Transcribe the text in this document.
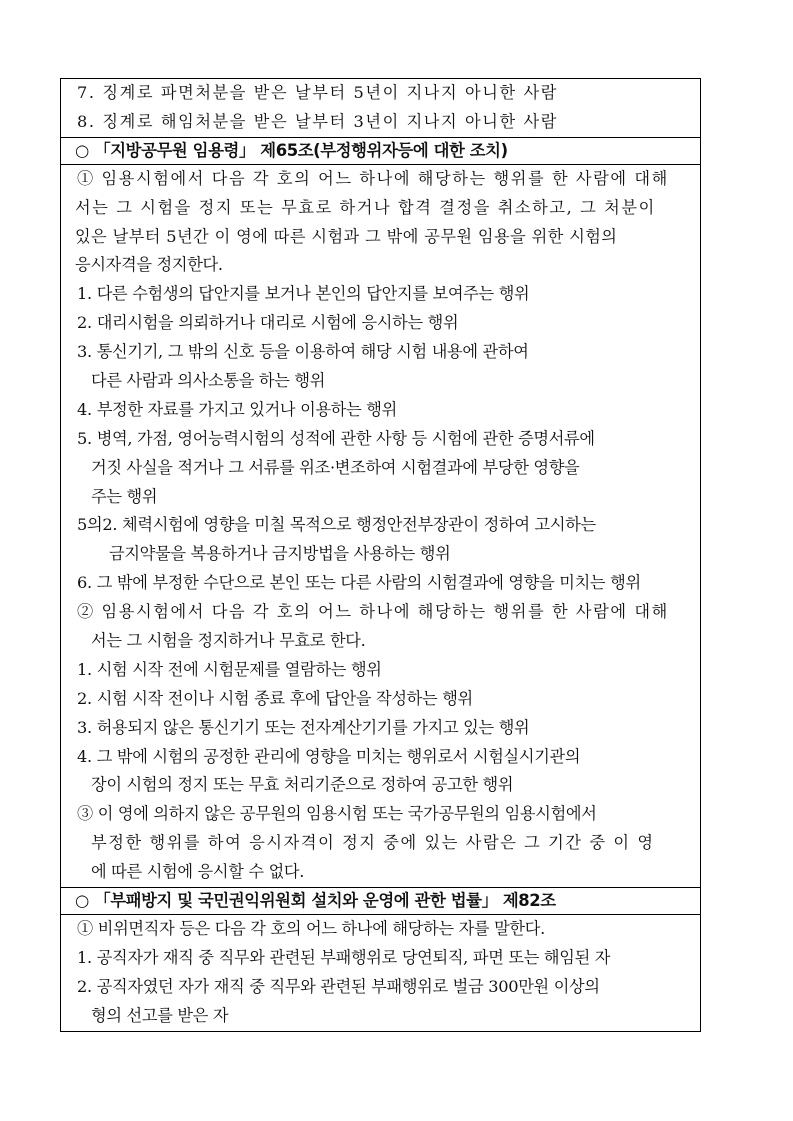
7. 징계로 파면처분을 받은 날부터 5년이 지나지 아니한 사람
8. 징계로 해임처분을 받은 날부터 3년이 지나지 아니한 사람
○ 「지방공무원 임용령」 제65조(부정행위자등에 대한 조치)
① 임용시험에서 다음 각 호의 어느 하나에 해당하는 행위를 한 사람에 대해
서는 그 시험을 정지 또는 무효로 하거나 합격 결정을 취소하고, 그 처분이
있은 날부터 5년간 이 영에 따른 시험과 그 밖에 공무원 임용을 위한 시험의
응시자격을 정지한다.
1. 다른 수험생의 답안지를 보거나 본인의 답안지를 보여주는 행위
2. 대리시험을 의뢰하거나 대리로 시험에 응시하는 행위
3. 통신기기, 그 밖의 신호 등을 이용하여 해당 시험 내용에 관하여
다른 사람과 의사소통을 하는 행위
4. 부정한 자료를 가지고 있거나 이용하는 행위
5. 병역, 가점, 영어능력시험의 성적에 관한 사항 등 시험에 관한 증명서류에
거짓 사실을 적거나 그 서류를 위조·변조하여 시험결과에 부당한 영향을
주는 행위
5의2. 체력시험에 영향을 미칠 목적으로 행정안전부장관이 정하여 고시하는
금지약물을 복용하거나 금지방법을 사용하는 행위
6. 그 밖에 부정한 수단으로 본인 또는 다른 사람의 시험결과에 영향을 미치는 행위
② 임용시험에서 다음 각 호의 어느 하나에 해당하는 행위를 한 사람에 대해
서는 그 시험을 정지하거나 무효로 한다.
1. 시험 시작 전에 시험문제를 열람하는 행위
2. 시험 시작 전이나 시험 종료 후에 답안을 작성하는 행위
3. 허용되지 않은 통신기기 또는 전자계산기기를 가지고 있는 행위
4. 그 밖에 시험의 공정한 관리에 영향을 미치는 행위로서 시험실시기관의
장이 시험의 정지 또는 무효 처리기준으로 정하여 공고한 행위
③ 이 영에 의하지 않은 공무원의 임용시험 또는 국가공무원의 임용시험에서
부정한 행위를 하여 응시자격이 정지 중에 있는 사람은 그 기간 중 이 영
에 따른 시험에 응시할 수 없다.
○ 「부패방지 및 국민권익위원회 설치와 운영에 관한 법률」 제82조
① 비위면직자 등은 다음 각 호의 어느 하나에 해당하는 자를 말한다.
1. 공직자가 재직 중 직무와 관련된 부패행위로 당연퇴직, 파면 또는 해임된 자
2. 공직자였던 자가 재직 중 직무와 관련된 부패행위로 벌금 300만원 이상의
형의 선고를 받은 자
